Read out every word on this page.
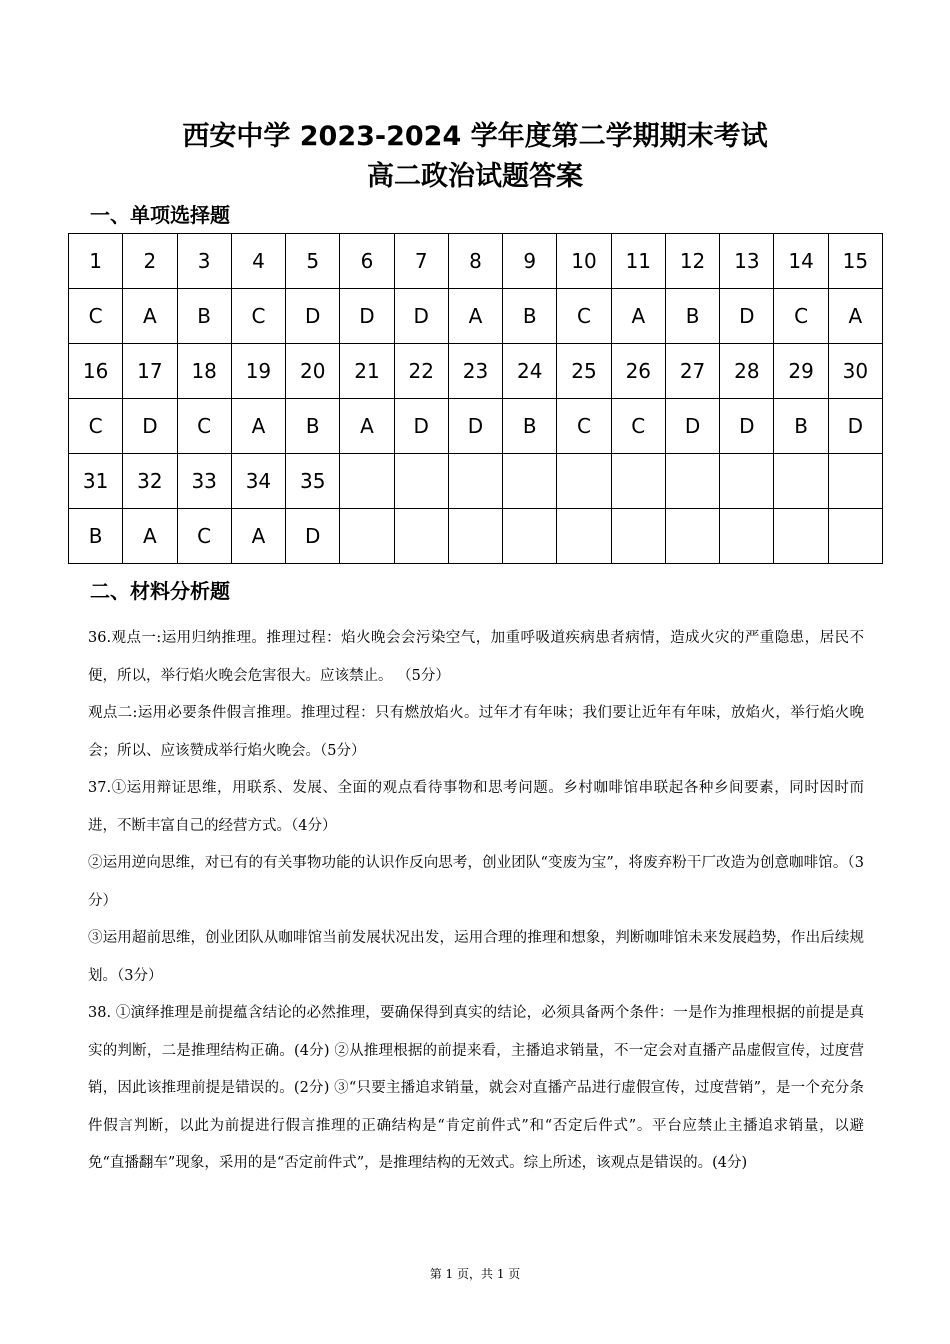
西安中学 2023-2024 学年度第二学期期末考试
高二政治试题答案
一、单项选择题
1	2	3	4	5	6	7	8	9	10	11	12	13	14	15
C	A	B	C	D	D	D	A	B	C	A	B	D	C	A
16	17	18	19	20	21	22	23	24	25	26	27	28	29	30
C	D	C	A	B	A	D	D	B	C	C	D	D	B	D
31	32	33	34	35										
B	A	C	A	D										
二、材料分析题

36.观点一:运用归纳推理。推理过程：焰火晚会会污染空气，加重呼吸道疾病患者病情，造成火灾的严重隐患，居民不便，所以，举行焰火晚会危害很大。应该禁止。 （5分）

观点二:运用必要条件假言推理。推理过程：只有燃放焰火。过年才有年味；我们要让近年有年味，放焰火，举行焰火晚会；所以、应该赞成举行焰火晚会。（5分）

37.①运用辩证思维，用联系、发展、全面的观点看待事物和思考问题。乡村咖啡馆串联起各种乡间要素，同时因时而进，不断丰富自己的经营方式。（4分）

②运用逆向思维，对已有的有关事物功能的认识作反向思考，创业团队“变废为宝”，将废弃粉干厂改造为创意咖啡馆。（3分）

③运用超前思维，创业团队从咖啡馆当前发展状况出发，运用合理的推理和想象，判断咖啡馆未来发展趋势，作出后续规划。（3分）

38. ①演绎推理是前提蕴含结论的必然推理，要确保得到真实的结论，必须具备两个条件：一是作为推理根据的前提是真实的判断，二是推理结构正确。(4分) ②从推理根据的前提来看，主播追求销量，不一定会对直播产品虚假宣传，过度营销，因此该推理前提是错误的。(2分) ③“只要主播追求销量，就会对直播产品进行虚假宣传，过度营销”，是一个充分条件假言判断，以此为前提进行假言推理的正确结构是“肯定前件式”和“否定后件式”。平台应禁止主播追求销量，以避免“直播翻车”现象，采用的是“否定前件式”，是推理结构的无效式。综上所述，该观点是错误的。(4分)

第 1 页，共 1 页
